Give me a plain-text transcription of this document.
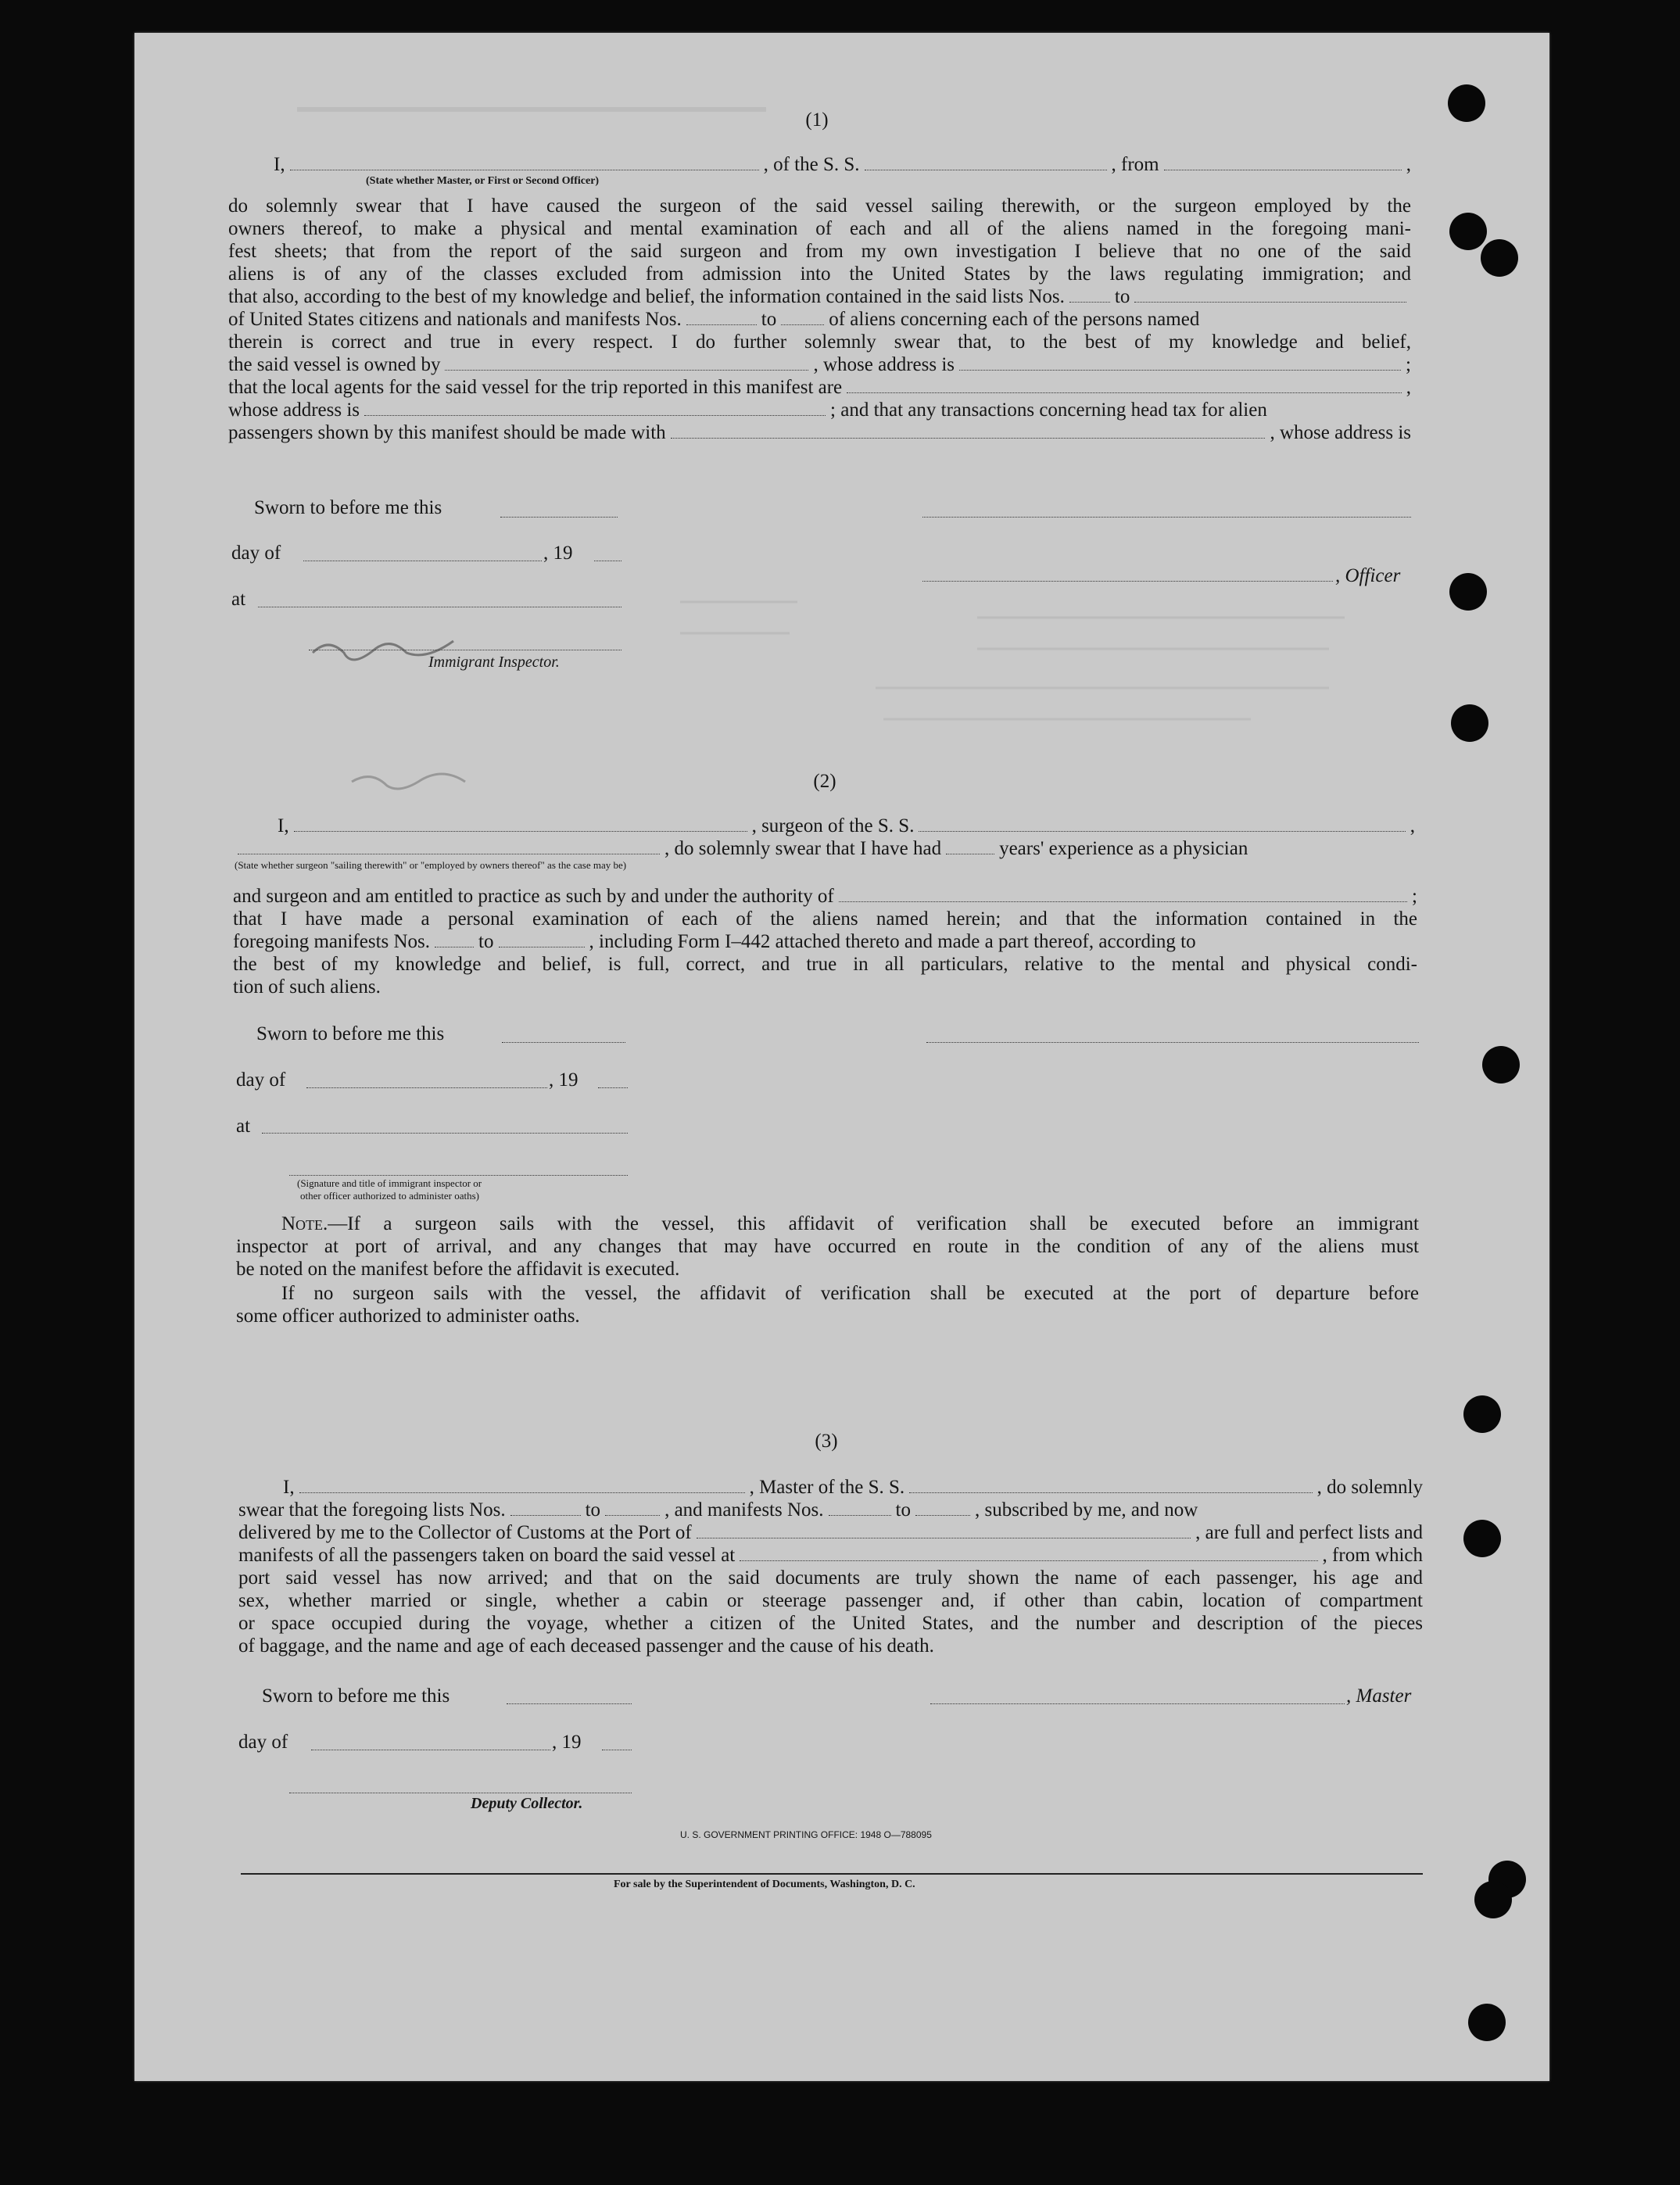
(1)
I,	, of the S. S.	, from	,
(State whether Master, or First or Second Officer)
do solemnly swear that I have caused the surgeon of the said vessel sailing therewith, or the surgeon employed by the
owners thereof, to make a physical and mental examination of each and all of the aliens named in the foregoing mani-
fest sheets; that from the report of the said surgeon and from my own investigation I believe that no one of the said
aliens is of any of the classes excluded from admission into the United States by the laws regulating immigration; and
that also, according to the best of my knowledge and belief, the information contained in the said lists Nos.	to
of United States citizens and nationals and manifests Nos.	to	of aliens concerning each of the persons named
therein is correct and true in every respect. I do further solemnly swear that, to the best of my knowledge and belief,
the said vessel is owned by	, whose address is	;
that the local agents for the said vessel for the trip reported in this manifest are	,
whose address is	; and that any transactions concerning head tax for alien
passengers shown by this manifest should be made with	, whose address is
Sworn to before me this
day of	, 19
, Officer
at
Immigrant Inspector.
(2)
I,	, surgeon of the S. S.	,
, do solemnly swear that I have had	years' experience as a physician
(State whether surgeon "sailing therewith" or "employed by owners thereof" as the case may be)
and surgeon and am entitled to practice as such by and under the authority of	;
that I have made a personal examination of each of the aliens named herein; and that the information contained in the
foregoing manifests Nos. to	, including Form I–442 attached thereto and made a part thereof, according to
the best of my knowledge and belief, is full, correct, and true in all particulars, relative to the mental and physical condi-
tion of such aliens.
Sworn to before me this
day of	, 19
at
(Signature and title of immigrant inspector or
other officer authorized to administer oaths)
Note.—If a surgeon sails with the vessel, this affidavit of verification shall be executed before an immigrant
inspector at port of arrival, and any changes that may have occurred en route in the condition of any of the aliens must
be noted on the manifest before the affidavit is executed.
If no surgeon sails with the vessel, the affidavit of verification shall be executed at the port of departure before
some officer authorized to administer oaths.
(3)
I,	, Master of the S. S.	, do solemnly
swear that the foregoing lists Nos.	to	, and manifests Nos.	to	, subscribed by me, and now
delivered by me to the Collector of Customs at the Port of	, are full and perfect lists and
manifests of all the passengers taken on board the said vessel at	, from which
port said vessel has now arrived; and that on the said documents are truly shown the name of each passenger, his age and
sex, whether married or single, whether a cabin or steerage passenger and, if other than cabin, location of compartment
or space occupied during the voyage, whether a citizen of the United States, and the number and description of the pieces
of baggage, and the name and age of each deceased passenger and the cause of his death.
Sworn to before me this	, Master
day of	, 19
Deputy Collector.
U. S. GOVERNMENT PRINTING OFFICE: 1948 O—788095
For sale by the Superintendent of Documents, Washington, D. C.
